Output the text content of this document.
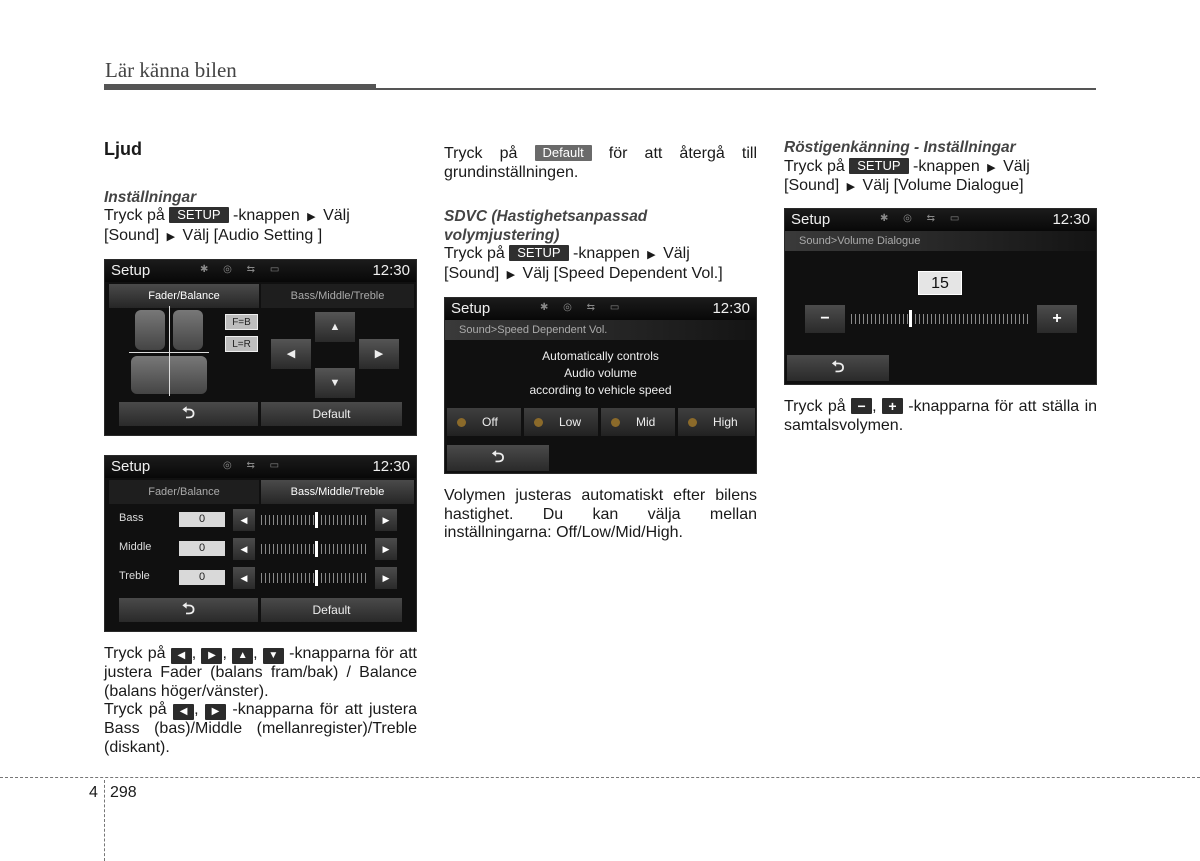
Lär känna bilen
Ljud
Inställningar
Tryck på SETUP -knappen ▶ Välj
[Sound] ▶ Välj [Audio Setting ]
Setup	✱ ◎ ⇆ ▭	12:30
Fader/Balance	Bass/Middle/Treble
F=B
L=R
▲
◀	▶
▼
⮌	Default
Setup	◎ ⇆ ▭	12:30
Fader/Balance	Bass/Middle/Treble
Bass	0	◀	▶
Middle	0	◀	▶
Treble	0	◀	▶
⮌	Default
Tryck på ◀ , ▶ , ▲ , ▼ -knapparna för att justera Fader (balans fram/bak) / Balance (balans höger/vänster).
Tryck på ◀ , ▶ -knapparna för att justera Bass (bas)/Middle (mellanregister)/Treble (diskant).
Tryck på Default för att återgå till grundinställningen.
SDVC (Hastighetsanpassad
volymjustering)
Tryck på SETUP -knappen ▶ Välj
[Sound] ▶ Välj [Speed Dependent Vol.]
Setup	✱ ◎ ⇆ ▭	12:30
Sound>Speed Dependent Vol.
Automatically controls
Audio volume
according to vehicle speed
Off	Low	Mid	High
⮌
Volymen justeras automatiskt efter bilens hastighet. Du kan välja mellan inställningarna: Off/Low/Mid/High.
Röstigenkänning - Inställningar
Tryck på SETUP -knappen ▶ Välj
[Sound] ▶ Välj [Volume Dialogue]
Setup	✱ ◎ ⇆ ▭	12:30
Sound>Volume Dialogue
15
−	+
⮌
Tryck på − , + -knapparna för att ställa in samtalsvolymen.
4 298
